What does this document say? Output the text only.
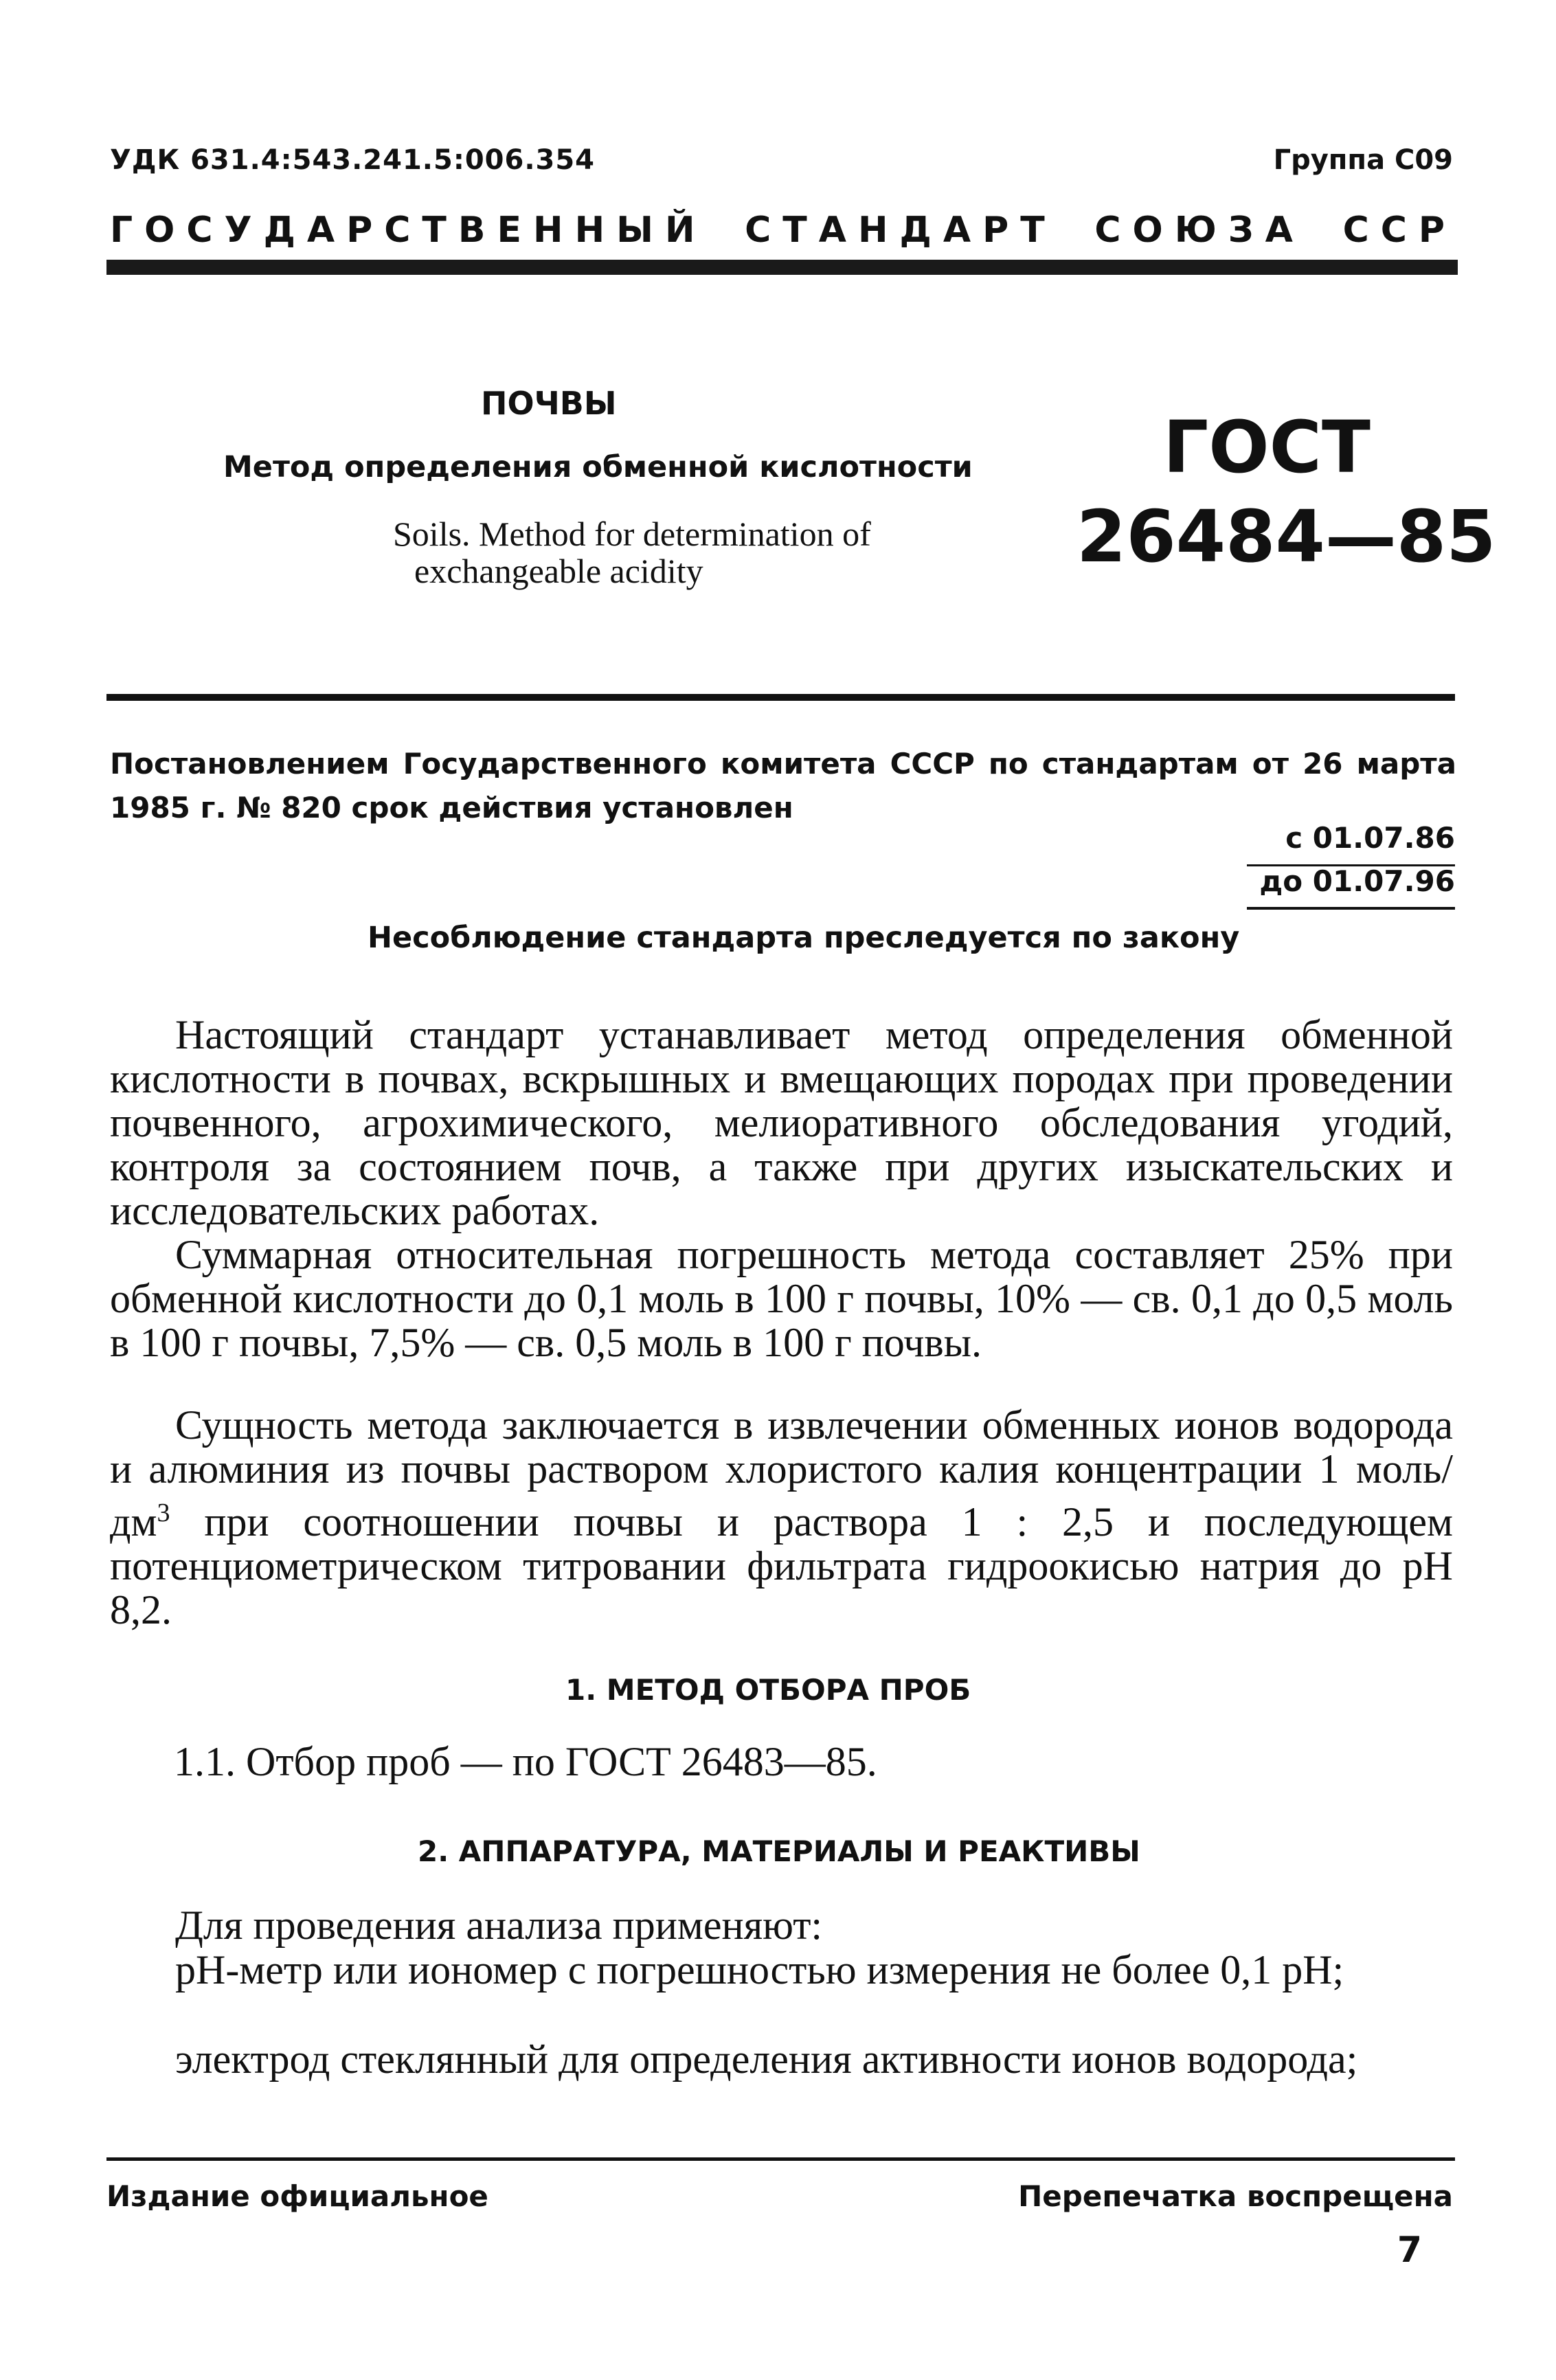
УДК 631.4:543.241.5:006.354	Группа С09
ГОСУДАРСТВЕННЫЙ СТАНДАРТ СОЮЗА ССР
ПОЧВЫ
Метод определения обменной кислотности
Soils. Method for determination of
exchangeable acidity
ГОСТ
26484—85
Постановлением Государственного комитета СССР по стандартам от 26 марта 1985 г. № 820 срок действия установлен
с 01.07.86
до 01.07.96
Несоблюдение стандарта преследуется по закону
Настоящий стандарт устанавливает метод определения обменной кислотности в почвах, вскрышных и вмещающих породах при проведении почвенного, агрохимического, мелиоративного обследования угодий, контроля за состоянием почв, а также при других изыскательских и исследовательских работах.
Суммарная относительная погрешность метода составляет 25% при обменной кислотности до 0,1 моль в 100 г почвы, 10% — св. 0,1 до 0,5 моль в 100 г почвы, 7,5% — св. 0,5 моль в 100 г почвы.
Сущность метода заключается в извлечении обменных ионов водорода и алюминия из почвы раствором хлористого калия концентрации 1 моль/$дм^3$ при соотношении почвы и раствора 1 : 2,5 и последующем потенциометрическом титровании фильтрата гидроокисью натрия до pH 8,2.
1. МЕТОД ОТБОРА ПРОБ
1.1. Отбор проб — по ГОСТ 26483—85.
2. АППАРАТУРА, МАТЕРИАЛЫ И РЕАКТИВЫ
Для проведения анализа применяют:
pH-метр или иономер с погрешностью измерения не более 0,1 pH;
электрод стеклянный для определения активности ионов водорода;
Издание официальное	Перепечатка воспрещена
7
